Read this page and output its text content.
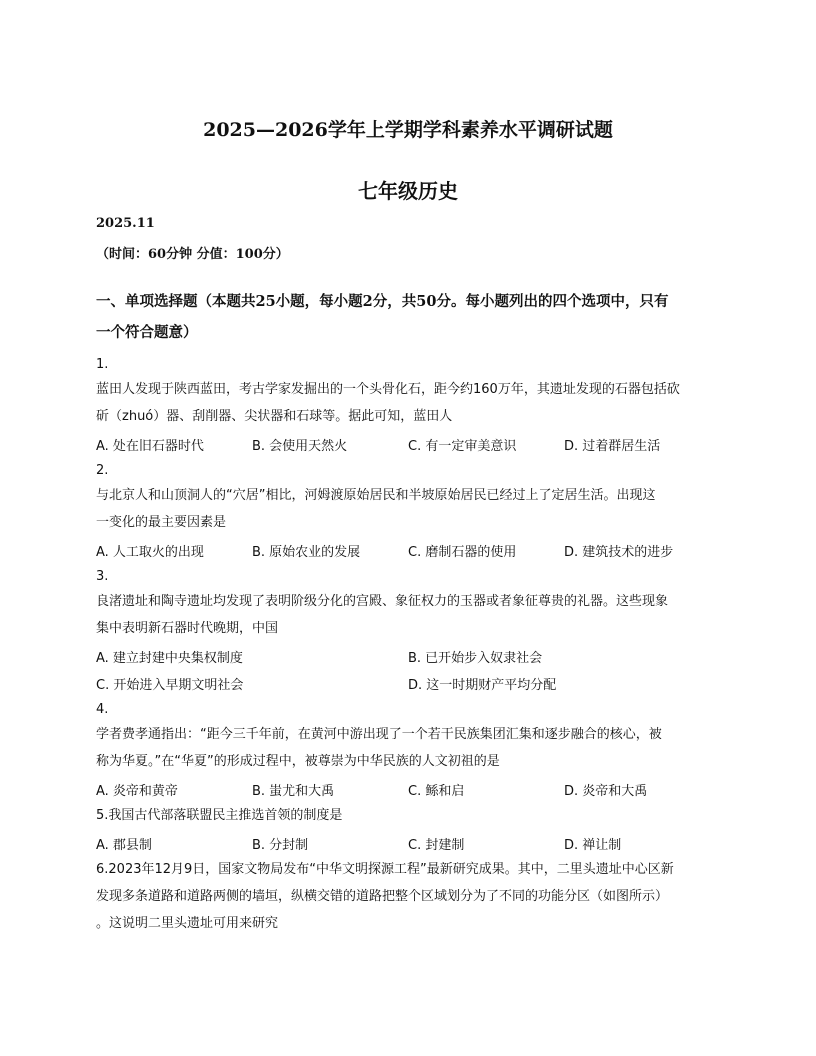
2025—2026学年上学期学科素养水平调研试题
七年级历史
2025.11
（时间：60分钟 分值：100分）
一、单项选择题（本题共25小题，每小题2分，共50分。每小题列出的四个选项中，只有
一个符合题意）
1.
蓝田人发现于陕西蓝田，考古学家发掘出的一个头骨化石，距今约160万年，其遗址发现的石器包括砍
斫（zhuó）器、刮削器、尖状器和石球等。据此可知，蓝田人
A. 处在旧石器时代	B. 会使用天然火	C. 有一定审美意识	D. 过着群居生活
2.
与北京人和山顶洞人的“穴居”相比，河姆渡原始居民和半坡原始居民已经过上了定居生活。出现这
一变化的最主要因素是
A. 人工取火的出现	B. 原始农业的发展	C. 磨制石器的使用	D. 建筑技术的进步
3.
良渚遗址和陶寺遗址均发现了表明阶级分化的宫殿、象征权力的玉器或者象征尊贵的礼器。这些现象
集中表明新石器时代晚期，中国
A. 建立封建中央集权制度	B. 已开始步入奴隶社会
C. 开始进入早期文明社会	D. 这一时期财产平均分配
4.
学者费孝通指出：“距今三千年前，在黄河中游出现了一个若干民族集团汇集和逐步融合的核心，被
称为华夏。”在“华夏”的形成过程中，被尊崇为中华民族的人文初祖的是
A. 炎帝和黄帝	B. 蚩尤和大禹	C. 鲧和启	D. 炎帝和大禹
5.我国古代部落联盟民主推选首领的制度是
A. 郡县制	B. 分封制	C. 封建制	D. 禅让制
6.2023年12月9日，国家文物局发布“中华文明探源工程”最新研究成果。其中，二里头遗址中心区新
发现多条道路和道路两侧的墙垣，纵横交错的道路把整个区域划分为了不同的功能分区（如图所示）
。这说明二里头遗址可用来研究
